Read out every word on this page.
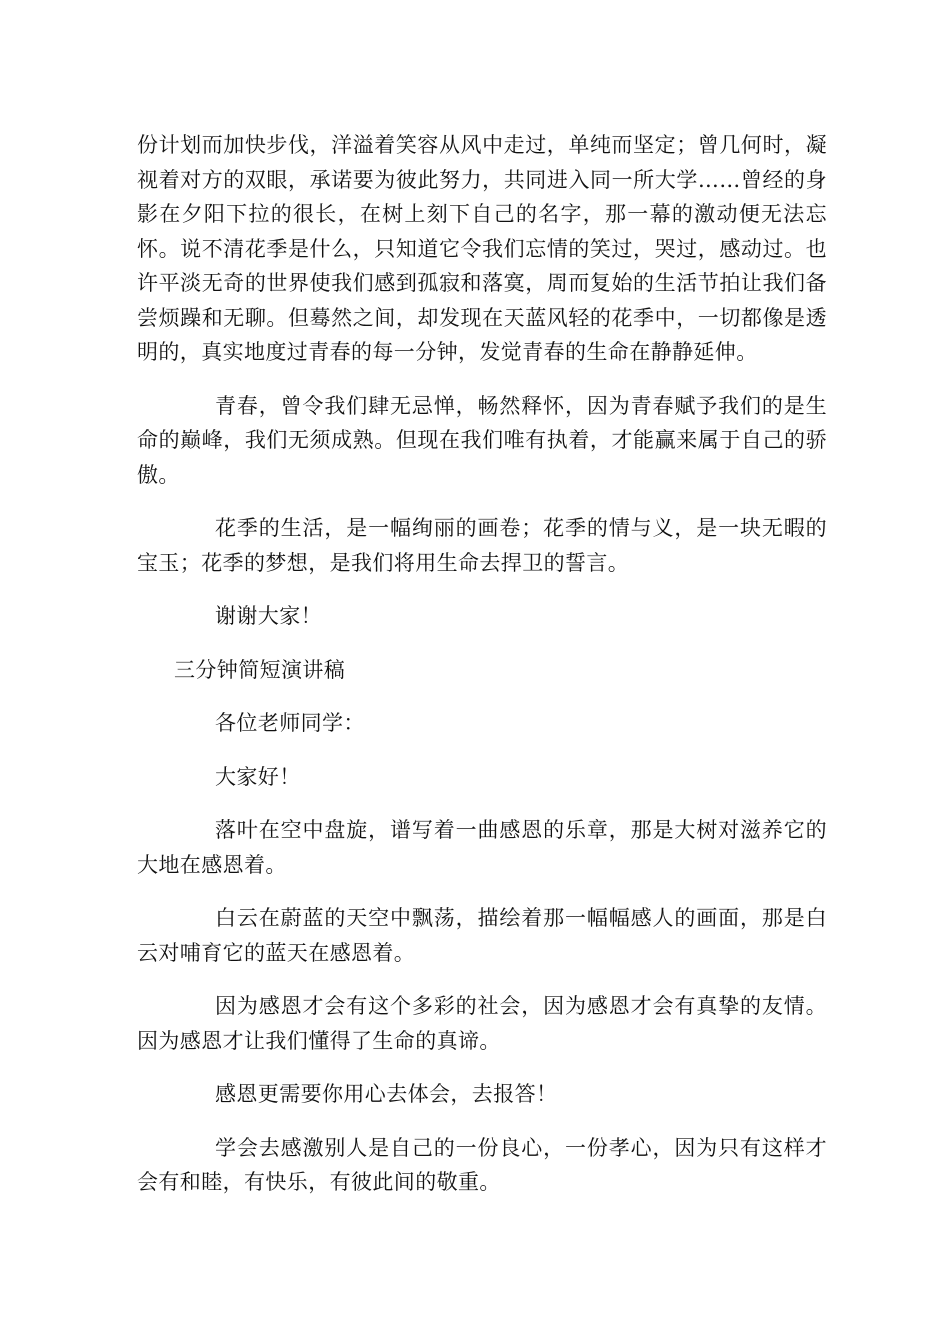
份计划而加快步伐，洋溢着笑容从风中走过，单纯而坚定；曾几何时，凝视着对方的双眼，承诺要为彼此努力，共同进入同一所大学……曾经的身影在夕阳下拉的很长，在树上刻下自己的名字，那一幕的激动便无法忘怀。说不清花季是什么，只知道它令我们忘情的笑过，哭过，感动过。也许平淡无奇的世界使我们感到孤寂和落寞，周而复始的生活节拍让我们备尝烦躁和无聊。但蓦然之间，却发现在天蓝风轻的花季中，一切都像是透明的，真实地度过青春的每一分钟，发觉青春的生命在静静延伸。

青春，曾令我们肆无忌惮，畅然释怀，因为青春赋予我们的是生命的巅峰，我们无须成熟。但现在我们唯有执着，才能赢来属于自己的骄傲。

花季的生活，是一幅绚丽的画卷；花季的情与义，是一块无暇的宝玉；花季的梦想，是我们将用生命去捍卫的誓言。

谢谢大家！

三分钟简短演讲稿

各位老师同学：

大家好！

落叶在空中盘旋，谱写着一曲感恩的乐章，那是大树对滋养它的大地在感恩着。

白云在蔚蓝的天空中飘荡，描绘着那一幅幅感人的画面，那是白云对哺育它的蓝天在感恩着。

因为感恩才会有这个多彩的社会，因为感恩才会有真挚的友情。因为感恩才让我们懂得了生命的真谛。

感恩更需要你用心去体会，去报答！

学会去感激别人是自己的一份良心，一份孝心，因为只有这样才会有和睦，有快乐，有彼此间的敬重。
